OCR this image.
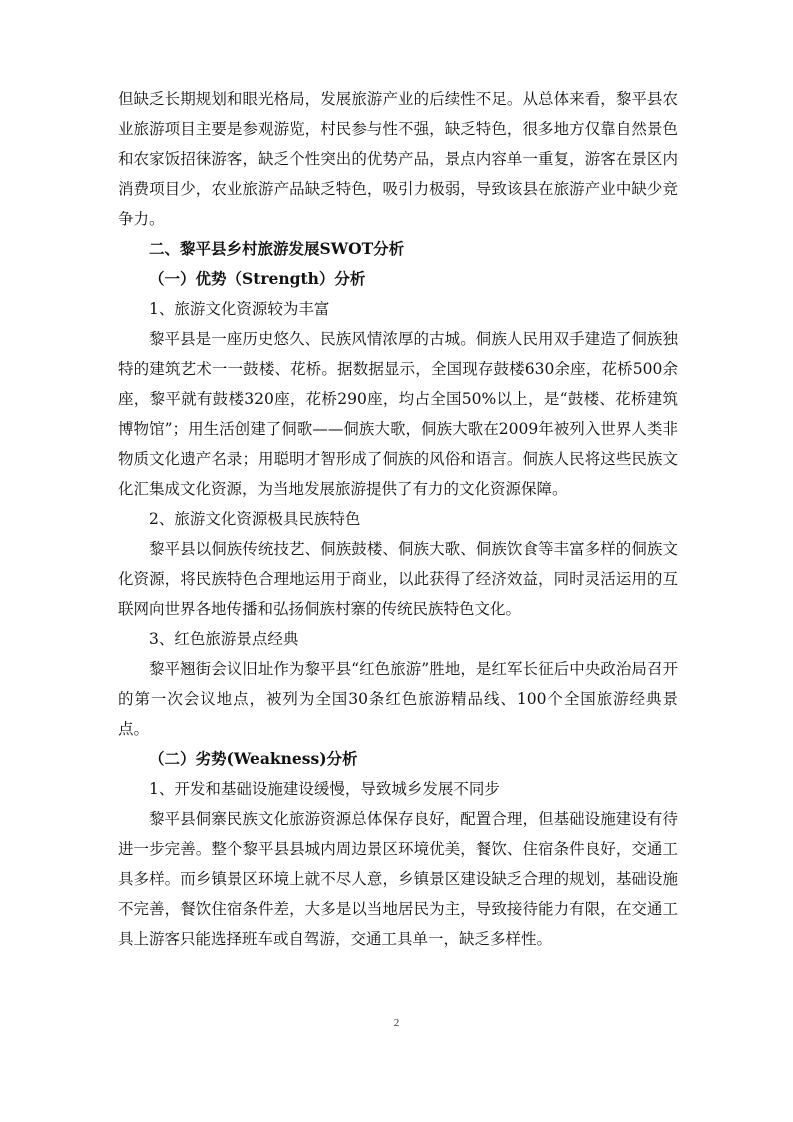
但缺乏长期规划和眼光格局，发展旅游产业的后续性不足。从总体来看，黎平县农业旅游项目主要是参观游览，村民参与性不强，缺乏特色，很多地方仅靠自然景色和农家饭招徕游客，缺乏个性突出的优势产品，景点内容单一重复，游客在景区内消费项目少，农业旅游产品缺乏特色，吸引力极弱，导致该县在旅游产业中缺少竞争力。

二、黎平县乡村旅游发展SWOT分析

（一）优势（Strength）分析

1、旅游文化资源较为丰富

黎平县是一座历史悠久、民族风情浓厚的古城。侗族人民用双手建造了侗族独特的建筑艺术一一鼓楼、花桥。据数据显示，全国现存鼓楼630余座，花桥500余座，黎平就有鼓楼320座，花桥290座，均占全国50%以上，是“鼓楼、花桥建筑博物馆”；用生活创建了侗歌——侗族大歌，侗族大歌在2009年被列入世界人类非物质文化遗产名录；用聪明才智形成了侗族的风俗和语言。侗族人民将这些民族文化汇集成文化资源，为当地发展旅游提供了有力的文化资源保障。

2、旅游文化资源极具民族特色

黎平县以侗族传统技艺、侗族鼓楼、侗族大歌、侗族饮食等丰富多样的侗族文化资源，将民族特色合理地运用于商业，以此获得了经济效益，同时灵活运用的互联网向世界各地传播和弘扬侗族村寨的传统民族特色文化。

3、红色旅游景点经典

黎平翘街会议旧址作为黎平县“红色旅游”胜地，是红军长征后中央政治局召开的第一次会议地点，被列为全国30条红色旅游精品线、100个全国旅游经典景点。

（二）劣势(Weakness)分析

1、开发和基础设施建设缓慢，导致城乡发展不同步

黎平县侗寨民族文化旅游资源总体保存良好，配置合理，但基础设施建设有待进一步完善。整个黎平县县城内周边景区环境优美，餐饮、住宿条件良好，交通工具多样。而乡镇景区环境上就不尽人意，乡镇景区建设缺乏合理的规划，基础设施不完善，餐饮住宿条件差，大多是以当地居民为主，导致接待能力有限，在交通工具上游客只能选择班车或自驾游，交通工具单一，缺乏多样性。

2
